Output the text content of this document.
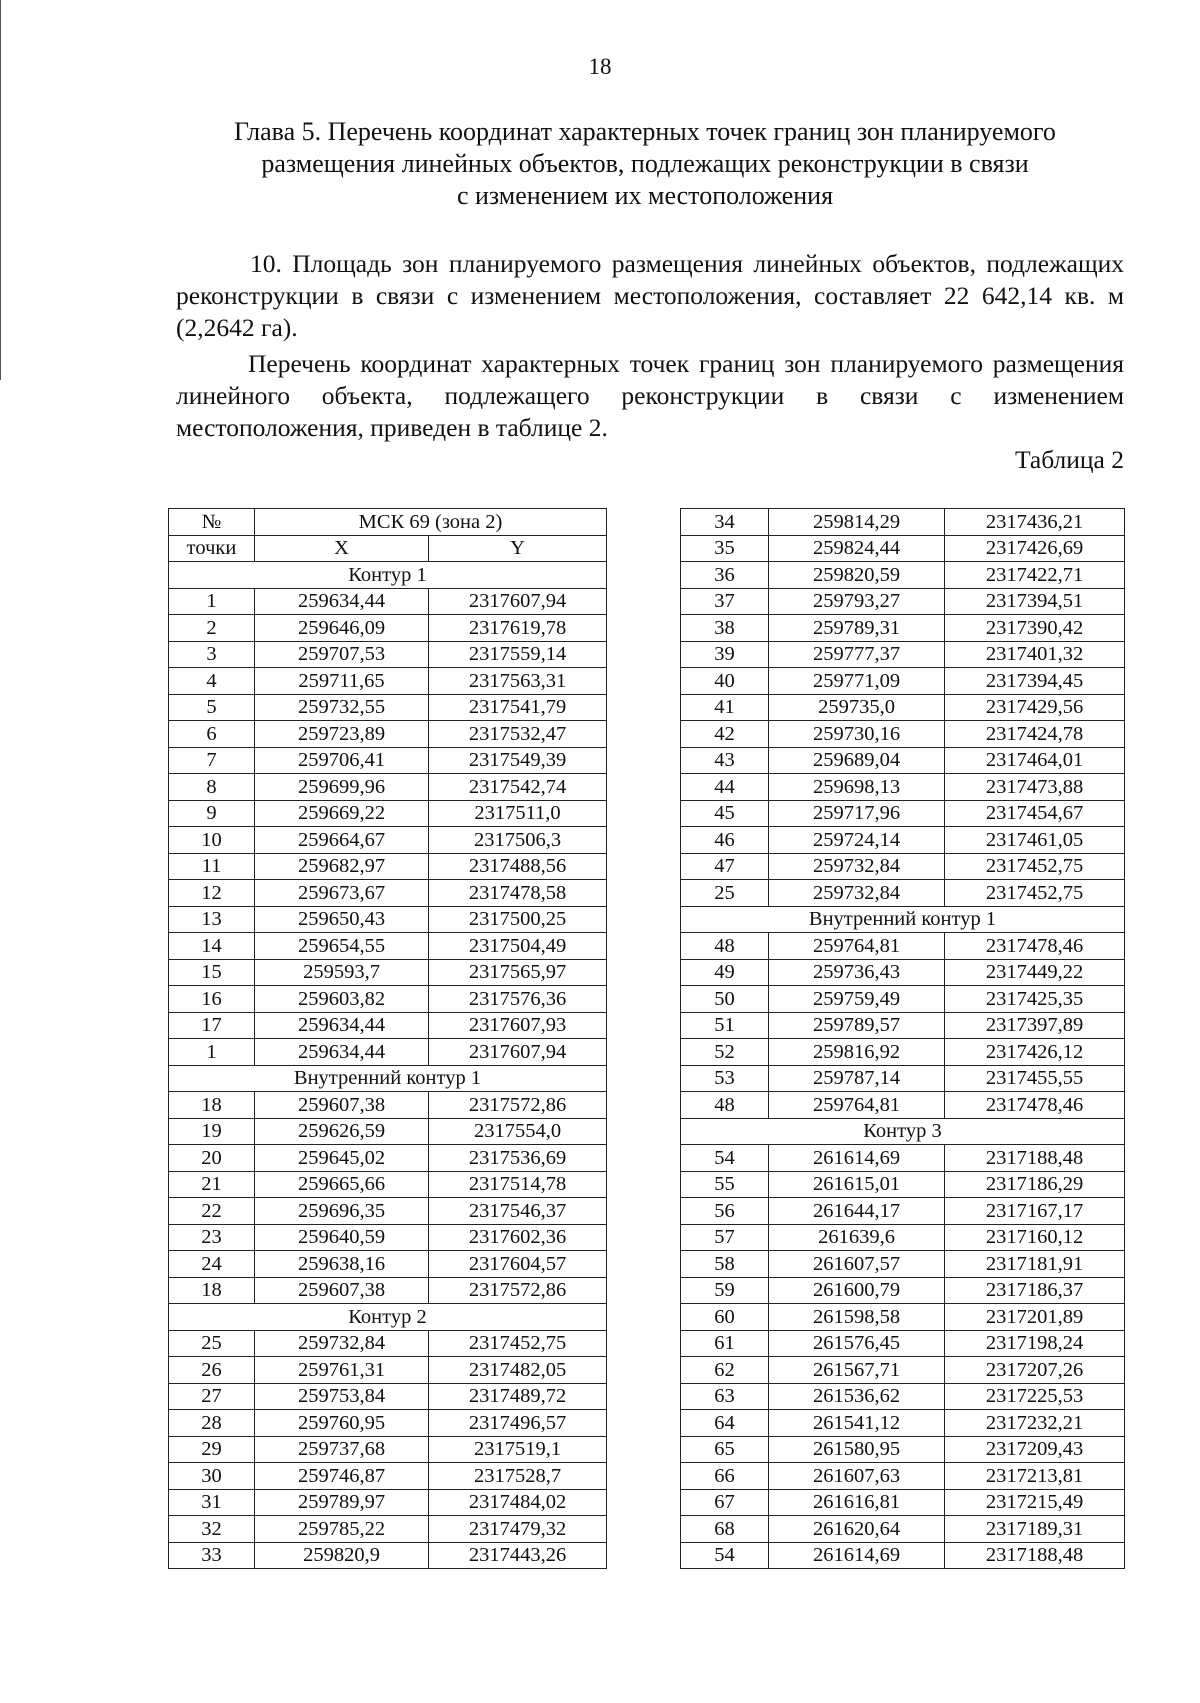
18
Глава 5. Перечень координат характерных точек границ зон планируемого
размещения линейных объектов, подлежащих реконструкции в связи
с изменением их местоположения
10. Площадь зон планируемого размещения линейных объектов, подлежащих реконструкции в связи с изменением местоположения, составляет 22 642,14 кв. м (2,2642 га).
Перечень координат характерных точек границ зон планируемого размещения линейного объекта, подлежащего реконструкции в связи с изменением местоположения, приведен в таблице 2.
Таблица 2
№	МСК 69 (зона 2)	
точки	X	Y
Контур 1		
1	259634,44	2317607,94
2	259646,09	2317619,78
3	259707,53	2317559,14
4	259711,65	2317563,31
5	259732,55	2317541,79
6	259723,89	2317532,47
7	259706,41	2317549,39
8	259699,96	2317542,74
9	259669,22	2317511,0
10	259664,67	2317506,3
11	259682,97	2317488,56
12	259673,67	2317478,58
13	259650,43	2317500,25
14	259654,55	2317504,49
15	259593,7	2317565,97
16	259603,82	2317576,36
17	259634,44	2317607,93
1	259634,44	2317607,94
Внутренний контур 1		
18	259607,38	2317572,86
19	259626,59	2317554,0
20	259645,02	2317536,69
21	259665,66	2317514,78
22	259696,35	2317546,37
23	259640,59	2317602,36
24	259638,16	2317604,57
18	259607,38	2317572,86
Контур 2		
25	259732,84	2317452,75
26	259761,31	2317482,05
27	259753,84	2317489,72
28	259760,95	2317496,57
29	259737,68	2317519,1
30	259746,87	2317528,7
31	259789,97	2317484,02
32	259785,22	2317479,32
33	259820,9	2317443,26
34	259814,29	2317436,21
35	259824,44	2317426,69
36	259820,59	2317422,71
37	259793,27	2317394,51
38	259789,31	2317390,42
39	259777,37	2317401,32
40	259771,09	2317394,45
41	259735,0	2317429,56
42	259730,16	2317424,78
43	259689,04	2317464,01
44	259698,13	2317473,88
45	259717,96	2317454,67
46	259724,14	2317461,05
47	259732,84	2317452,75
25	259732,84	2317452,75
Внутренний контур 1		
48	259764,81	2317478,46
49	259736,43	2317449,22
50	259759,49	2317425,35
51	259789,57	2317397,89
52	259816,92	2317426,12
53	259787,14	2317455,55
48	259764,81	2317478,46
Контур 3		
54	261614,69	2317188,48
55	261615,01	2317186,29
56	261644,17	2317167,17
57	261639,6	2317160,12
58	261607,57	2317181,91
59	261600,79	2317186,37
60	261598,58	2317201,89
61	261576,45	2317198,24
62	261567,71	2317207,26
63	261536,62	2317225,53
64	261541,12	2317232,21
65	261580,95	2317209,43
66	261607,63	2317213,81
67	261616,81	2317215,49
68	261620,64	2317189,31
54	261614,69	2317188,48
